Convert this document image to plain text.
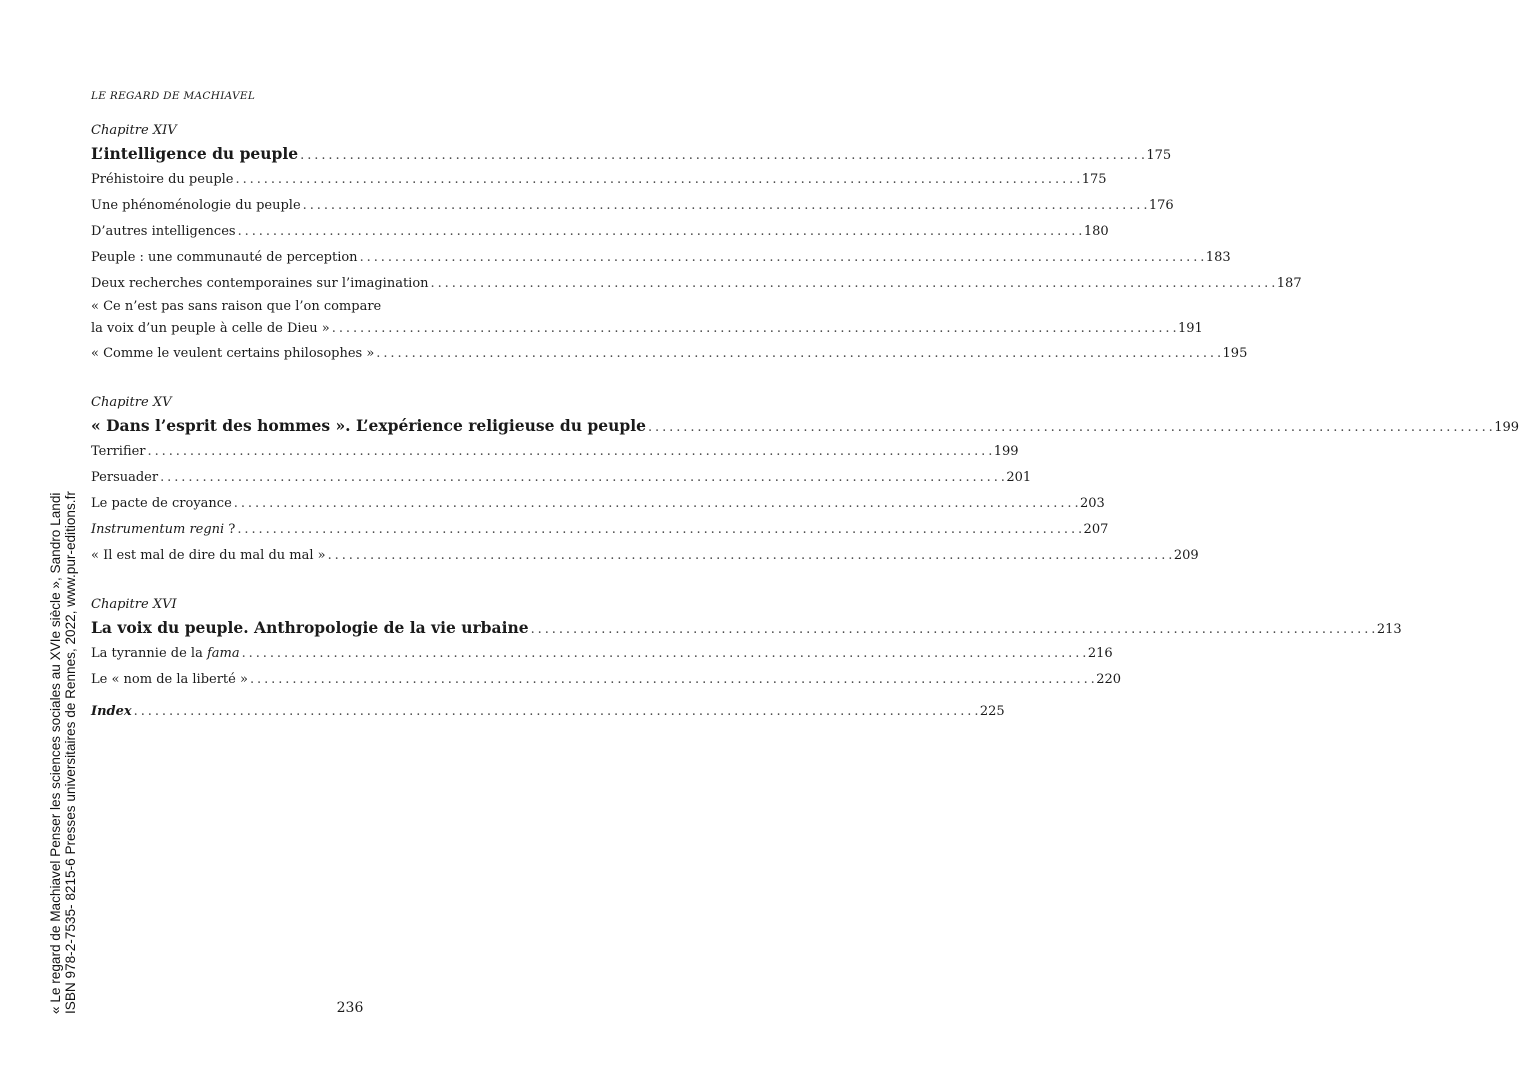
LE REGARD DE MACHIAVEL
Chapitre XIV
L’intelligence du peuple . . .	175
Préhistoire du peuple . . .	175
Une phénoménologie du peuple . . .	176
D’autres intelligences . . .	180
Peuple : une communauté de perception . . .	183
Deux recherches contemporaines sur l’imagination . . .	187
« Ce n’est pas sans raison que l’on compare
la voix d’un peuple à celle de Dieu » . . .	191
« Comme le veulent certains philosophes » . . .	195
Chapitre XV
« Dans l’esprit des hommes ». L’expérience religieuse du peuple . . .	199
Terrifier . . .	199
Persuader . . .	201
Le pacte de croyance . . .	203
Instrumentum regni ? . . .	207
« Il est mal de dire du mal du mal » . . .	209
Chapitre XVI
La voix du peuple. Anthropologie de la vie urbaine . . .	213
La tyrannie de la fama . . .	216
Le « nom de la liberté » . . .	220
Index . . .	225
« Le regard de Machiavel Penser les sciences sociales au XVIe siècle », Sandro Landi ISBN 978-2-7535- 8215-6 Presses universitaires de Rennes, 2022, www.pur-editions.fr	236
